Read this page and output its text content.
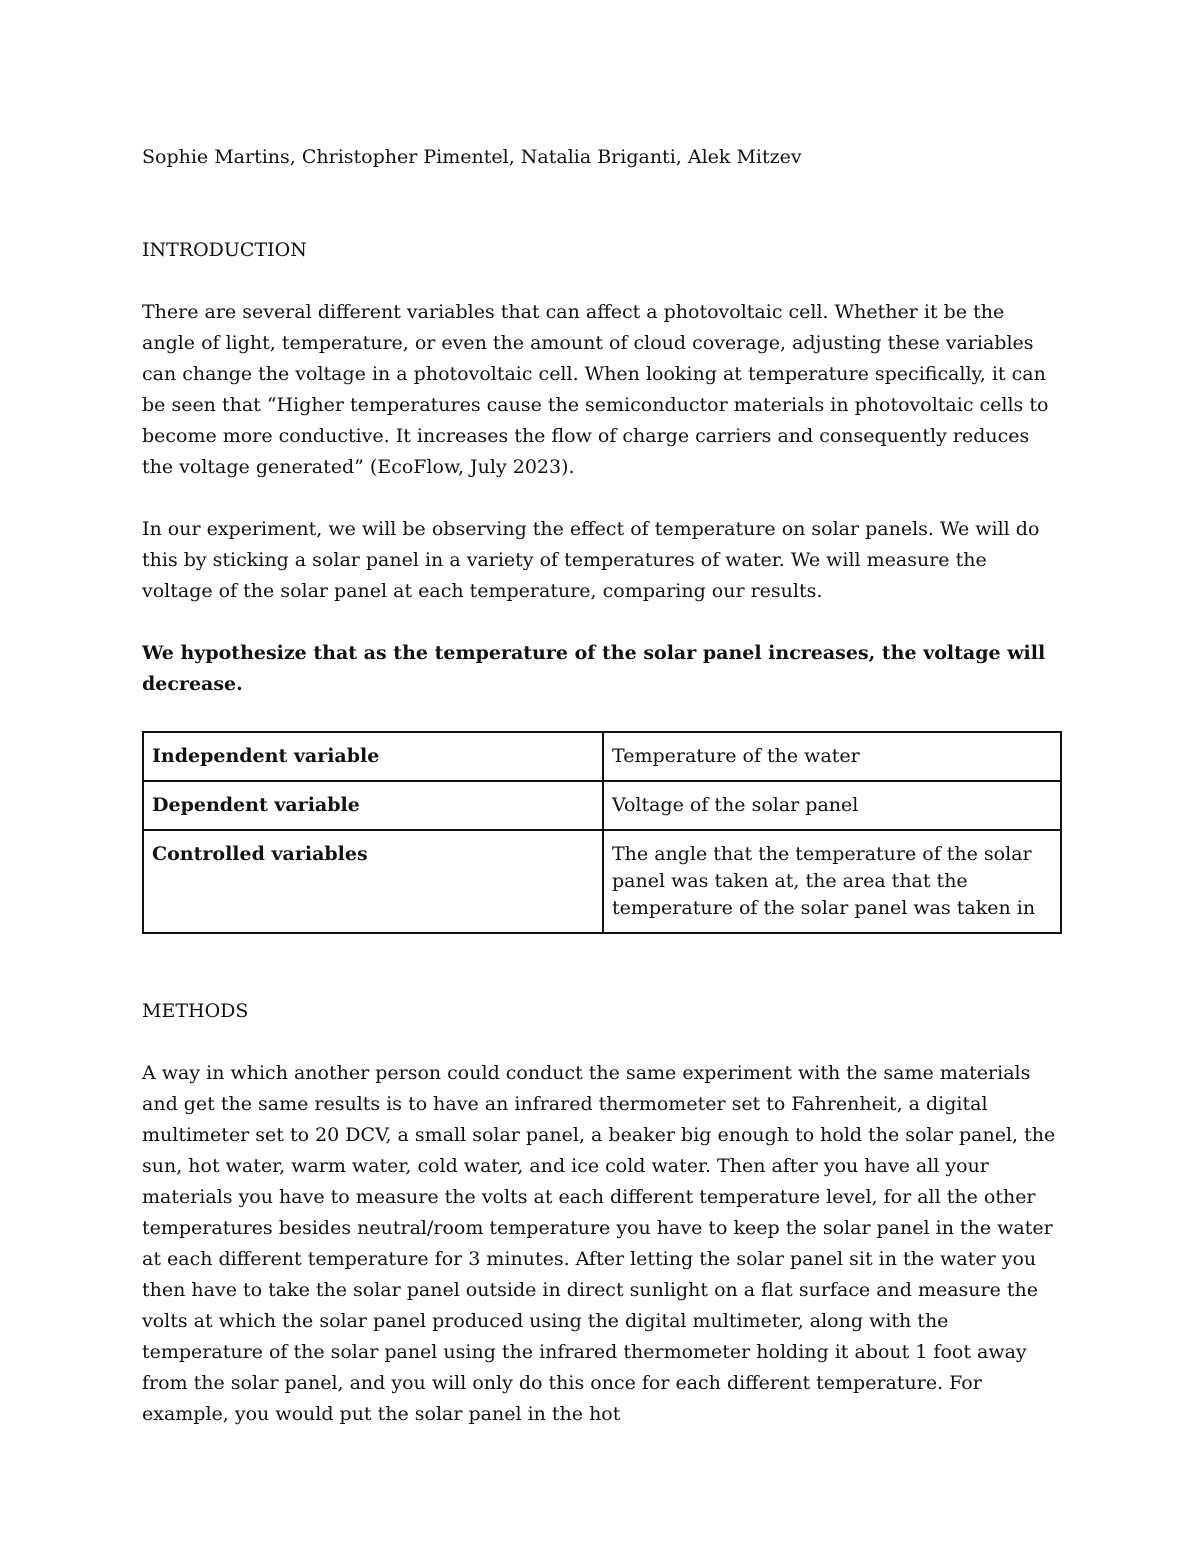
Sophie Martins, Christopher Pimentel, Natalia Briganti, Alek Mitzev

INTRODUCTION

There are several different variables that can affect a photovoltaic cell. Whether it be the angle of light, temperature, or even the amount of cloud coverage, adjusting these variables can change the voltage in a photovoltaic cell. When looking at temperature specifically, it can be seen that “Higher temperatures cause the semiconductor materials in photovoltaic cells to become more conductive. It increases the flow of charge carriers and consequently reduces the voltage generated” (EcoFlow, July 2023).

In our experiment, we will be observing the effect of temperature on solar panels. We will do this by sticking a solar panel in a variety of temperatures of water. We will measure the voltage of the solar panel at each temperature, comparing our results.

We hypothesize that as the temperature of the solar panel increases, the voltage will decrease.

Independent variable	Temperature of the water
Dependent variable	Voltage of the solar panel
Controlled variables	The angle that the temperature of the solar panel was taken at, the area that the temperature of the solar panel was taken in
METHODS

A way in which another person could conduct the same experiment with the same materials and get the same results is to have an infrared thermometer set to Fahrenheit, a digital multimeter set to 20 DCV, a small solar panel, a beaker big enough to hold the solar panel, the sun, hot water, warm water, cold water, and ice cold water. Then after you have all your materials you have to measure the volts at each different temperature level, for all the other temperatures besides neutral/room temperature you have to keep the solar panel in the water at each different temperature for 3 minutes. After letting the solar panel sit in the water you then have to take the solar panel outside in direct sunlight on a flat surface and measure the volts at which the solar panel produced using the digital multimeter, along with the temperature of the solar panel using the infrared thermometer holding it about 1 foot away from the solar panel, and you will only do this once for each different temperature. For example, you would put the solar panel in the hot
